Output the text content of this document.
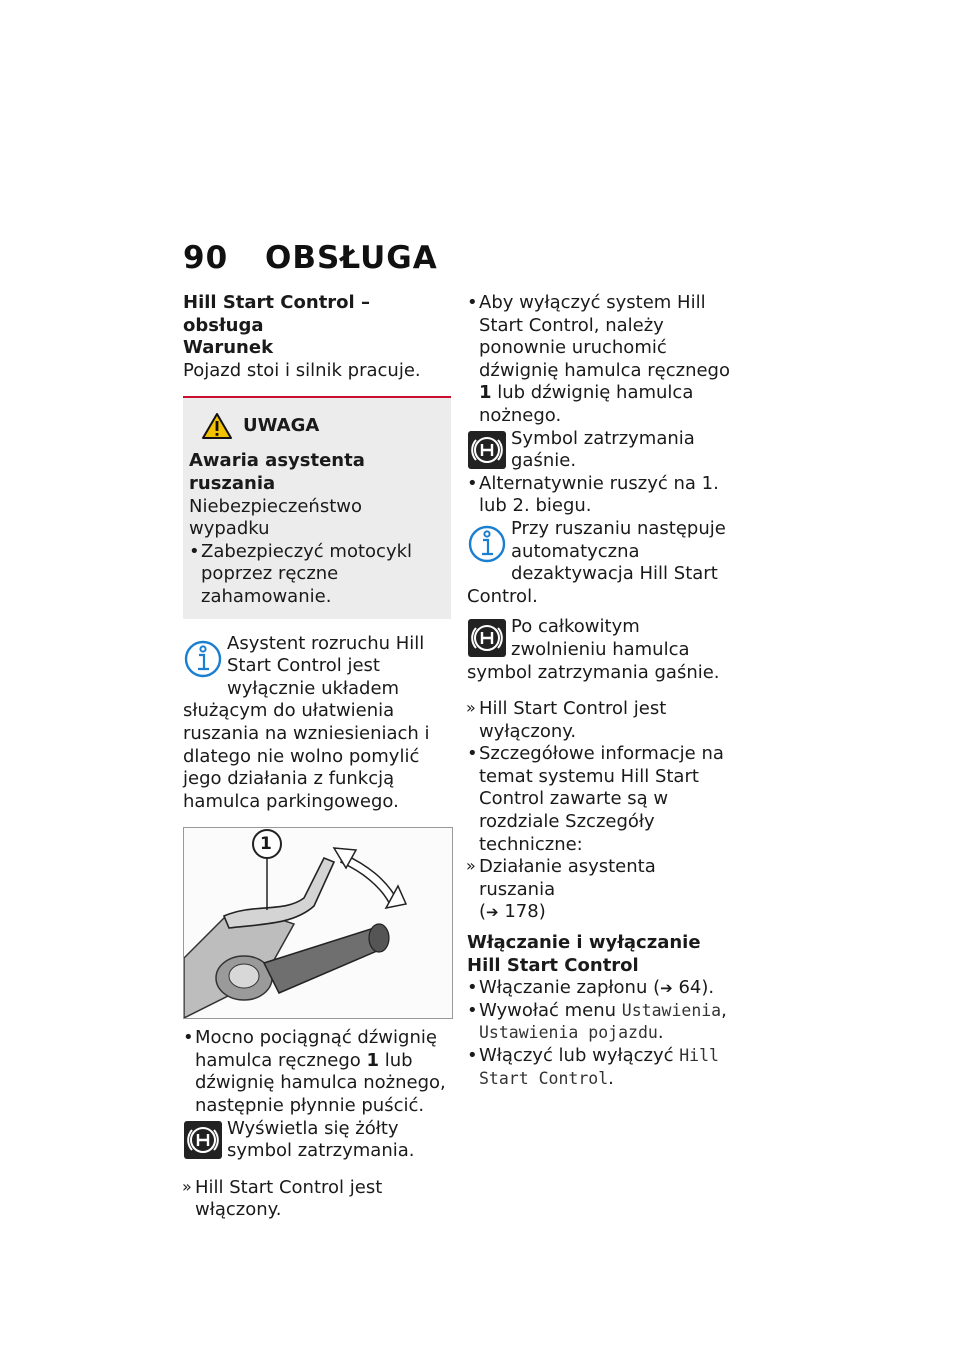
90 OBSŁUGA

Hill Start Control – obsługa

Warunek

Pojazd stoi i silnik pracuje.

UWAGA

Awaria asystenta ruszania

Niebezpieczeństwo wypadku

• Zabezpieczyć motocykl poprzez ręczne zahamowanie.

Asystent rozruchu Hill Start Control jest wyłącznie układem służącym do ułatwienia ruszania na wzniesieniach i dlatego nie wolno pomylić jego działania z funkcją hamulca parkingowego.

1

• Mocno pociągnąć dźwignię hamulca ręcznego 1 lub dźwignię hamulca nożnego, następnie płynnie puścić.

Wyświetla się żółty symbol zatrzymania.

» Hill Start Control jest włączony.

• Aby wyłączyć system Hill Start Control, należy ponownie uruchomić dźwignię hamulca ręcznego 1 lub dźwignię hamulca nożnego.

Symbol zatrzymania gaśnie.

• Alternatywnie ruszyć na 1. lub 2. biegu.

Przy ruszaniu następuje automatyczna dezaktywacja Hill Start Control.

Po całkowitym zwolnieniu hamulca symbol zatrzymania gaśnie.

» Hill Start Control jest wyłączony.

• Szczegółowe informacje na temat systemu Hill Start Control zawarte są w rozdziale Szczegóły techniczne:

» Działanie asystenta ruszania
(➔ 178)

Włączanie i wyłączanie Hill Start Control

• Włączanie zapłonu (➔ 64).

• Wywołać menu Ustawienia, Ustawienia pojazdu.

• Włączyć lub wyłączyć Hill Start Control.
